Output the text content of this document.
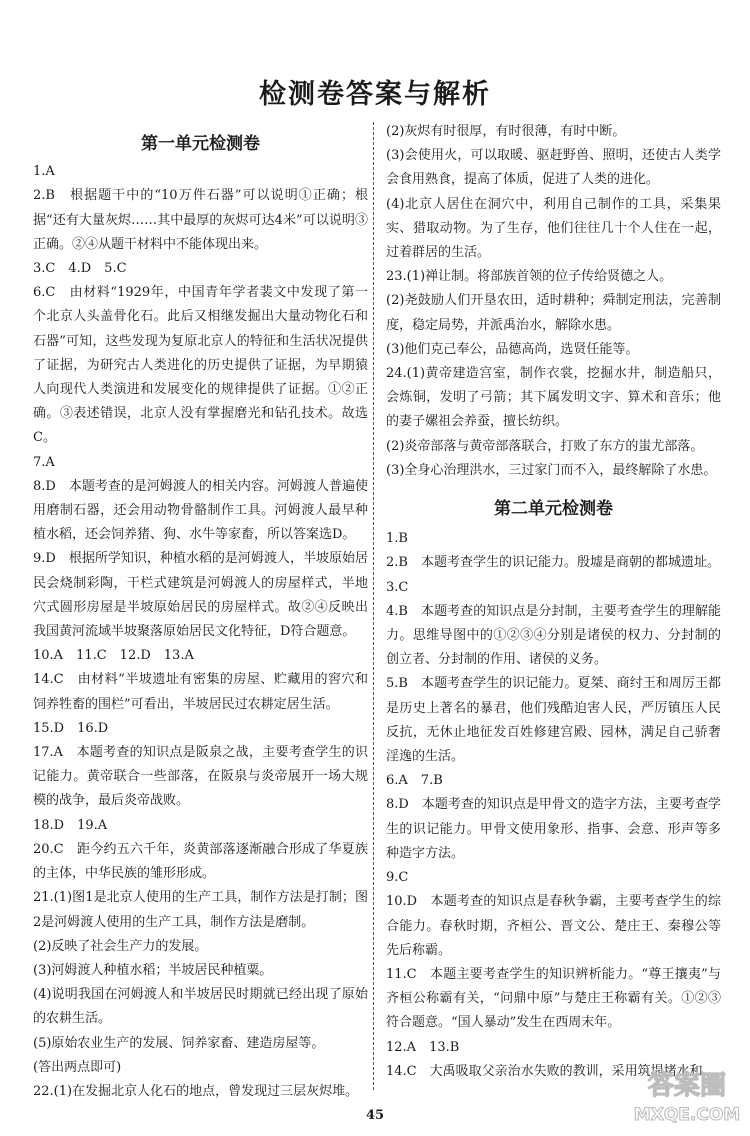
检测卷答案与解析
第一单元检测卷

1.A

2.B　根据题干中的“10万件石器”可以说明①正确；根据“还有大量灰烬……其中最厚的灰烬可达4米”可以说明③正确。②④从题干材料中不能体现出来。

3.C　4.D　5.C

6.C　由材料“1929年，中国青年学者裴文中发现了第一个北京人头盖骨化石。此后又相继发掘出大量动物化石和石器”可知，这些发现为复原北京人的特征和生活状况提供了证据，为研究古人类进化的历史提供了证据，为早期猿人向现代人类演进和发展变化的规律提供了证据。①②正确。③表述错误，北京人没有掌握磨光和钻孔技术。故选C。

7.A

8.D　本题考查的是河姆渡人的相关内容。河姆渡人普遍使用磨制石器，还会用动物骨骼制作工具。河姆渡人最早种植水稻，还会饲养猪、狗、水牛等家畜，所以答案选D。

9.D　根据所学知识，种植水稻的是河姆渡人，半坡原始居民会烧制彩陶，干栏式建筑是河姆渡人的房屋样式，半地穴式圆形房屋是半坡原始居民的房屋样式。故②④反映出我国黄河流域半坡聚落原始居民文化特征，D符合题意。

10.A　11.C　12.D　13.A

14.C　由材料“半坡遗址有密集的房屋、贮藏用的窖穴和饲养牲畜的围栏”可看出，半坡居民过农耕定居生活。

15.D　16.D

17.A　本题考查的知识点是阪泉之战，主要考查学生的识记能力。黄帝联合一些部落，在阪泉与炎帝展开一场大规模的战争，最后炎帝战败。

18.D　19.A

20.C　距今约五六千年，炎黄部落逐渐融合形成了华夏族的主体，中华民族的雏形形成。

21.(1)图1是北京人使用的生产工具，制作方法是打制；图2是河姆渡人使用的生产工具，制作方法是磨制。

(2)反映了社会生产力的发展。

(3)河姆渡人种植水稻；半坡居民种植粟。

(4)说明我国在河姆渡人和半坡居民时期就已经出现了原始的农耕生活。

(5)原始农业生产的发展、饲养家畜、建造房屋等。

(答出两点即可)

22.(1)在发掘北京人化石的地点，曾发现过三层灰烬堆。

(2)灰烬有时很厚，有时很薄，有时中断。

(3)会使用火，可以取暖、驱赶野兽、照明，还使古人类学会食用熟食，提高了体质，促进了人类的进化。

(4)北京人居住在洞穴中，利用自己制作的工具，采集果实、猎取动物。为了生存，他们往往几十个人住在一起，过着群居的生活。

23.(1)禅让制。将部族首领的位子传给贤德之人。

(2)尧鼓励人们开垦农田，适时耕种；舜制定刑法，完善制度，稳定局势，并派禹治水，解除水患。

(3)他们克己奉公，品德高尚，选贤任能等。

24.(1)黄帝建造宫室，制作衣裳，挖掘水井，制造船只，会炼铜，发明了弓箭；其下属发明文字、算术和音乐；他的妻子嫘祖会养蚕，擅长纺织。

(2)炎帝部落与黄帝部落联合，打败了东方的蚩尤部落。

(3)全身心治理洪水，三过家门而不入，最终解除了水患。

第二单元检测卷

1.B

2.B　本题考查学生的识记能力。殷墟是商朝的都城遗址。

3.C

4.B　本题考查的知识点是分封制，主要考查学生的理解能力。思维导图中的①②③④分别是诸侯的权力、分封制的创立者、分封制的作用、诸侯的义务。

5.B　本题考查学生的识记能力。夏桀、商纣王和周厉王都是历史上著名的暴君，他们残酷迫害人民，严厉镇压人民反抗，无休止地征发百姓修建宫殿、园林，满足自己骄奢淫逸的生活。

6.A　7.B

8.D　本题考查的知识点是甲骨文的造字方法，主要考查学生的识记能力。甲骨文使用象形、指事、会意、形声等多种造字方法。

9.C

10.D　本题考查的知识点是春秋争霸，主要考查学生的综合能力。春秋时期，齐桓公、晋文公、楚庄王、秦穆公等先后称霸。

11.C　本题主要考查学生的知识辨析能力。“尊王攘夷”与齐桓公称霸有关，“问鼎中原”与楚庄王称霸有关。①②③符合题意。“国人暴动”发生在西周末年。

12.A　13.B

14.C　大禹吸取父亲治水失败的教训，采用筑堤堵水和

45
答案圈
MXQE.COM
